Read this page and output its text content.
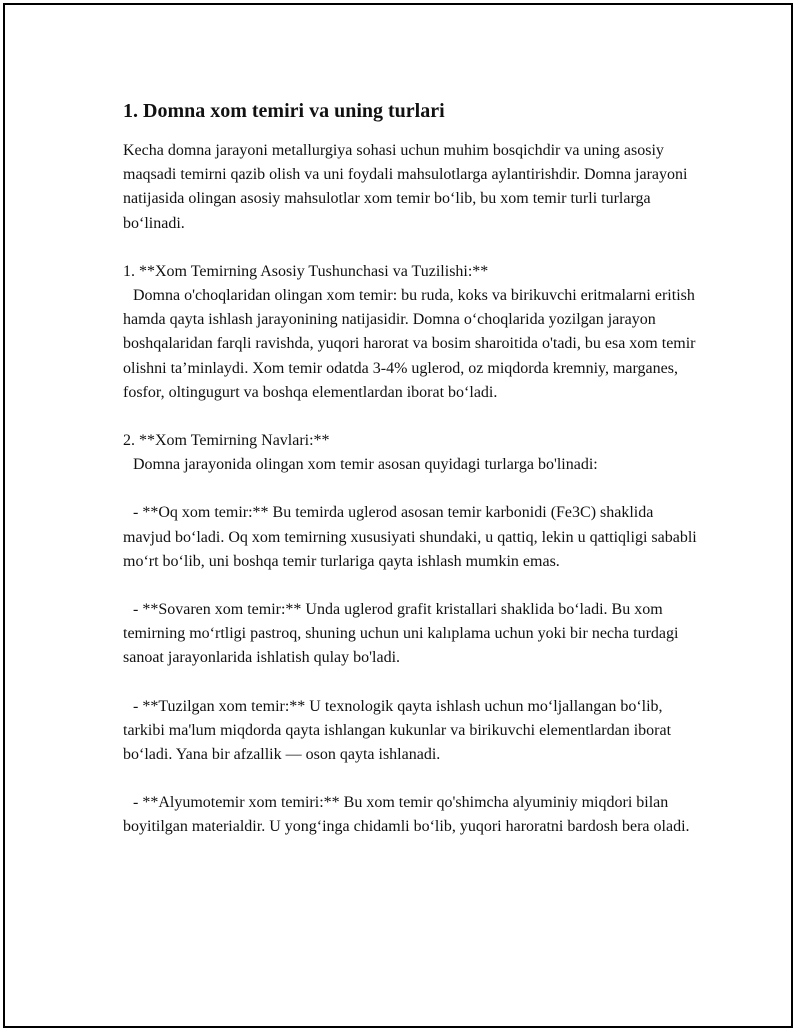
1. Domna xom temiri va uning turlari

Kecha domna jarayoni metallurgiya sohasi uchun muhim bosqichdir va uning asosiy maqsadi temirni qazib olish va uni foydali mahsulotlarga aylantirishdir. Domna jarayoni natijasida olingan asosiy mahsulotlar xom temir bo‘lib, bu xom temir turli turlarga bo‘linadi.

1. **Xom Temirning Asosiy Tushunchasi va Tuzilishi:**

Domna o'choqlaridan olingan xom temir: bu ruda, koks va birikuvchi eritmalarni eritish hamda qayta ishlash jarayonining natijasidir. Domna o‘choqlarida yozilgan jarayon boshqalaridan farqli ravishda, yuqori harorat va bosim sharoitida o'tadi, bu esa xom temir olishni ta’minlaydi. Xom temir odatda 3-4% uglerod, oz miqdorda kremniy, marganes, fosfor, oltingugurt va boshqa elementlardan iborat bo‘ladi.

2. **Xom Temirning Navlari:**

Domna jarayonida olingan xom temir asosan quyidagi turlarga bo'linadi:

- **Oq xom temir:** Bu temirda uglerod asosan temir karbonidi (Fe3C) shaklida mavjud bo‘ladi. Oq xom temirning xususiyati shundaki, u qattiq, lekin u qattiqligi sababli mo‘rt bo‘lib, uni boshqa temir turlariga qayta ishlash mumkin emas.

- **Sovaren xom temir:** Unda uglerod grafit kristallari shaklida bo‘ladi. Bu xom temirning mo‘rtligi pastroq, shuning uchun uni kalıplama uchun yoki bir necha turdagi sanoat jarayonlarida ishlatish qulay bo'ladi.

- **Tuzilgan xom temir:** U texnologik qayta ishlash uchun mo‘ljallangan bo‘lib, tarkibi ma'lum miqdorda qayta ishlangan kukunlar va birikuvchi elementlardan iborat bo‘ladi. Yana bir afzallik — oson qayta ishlanadi.

- **Alyumotemir xom temiri:** Bu xom temir qo'shimcha alyuminiy miqdori bilan boyitilgan materialdir. U yong‘inga chidamli bo‘lib, yuqori haroratni bardosh bera oladi.
